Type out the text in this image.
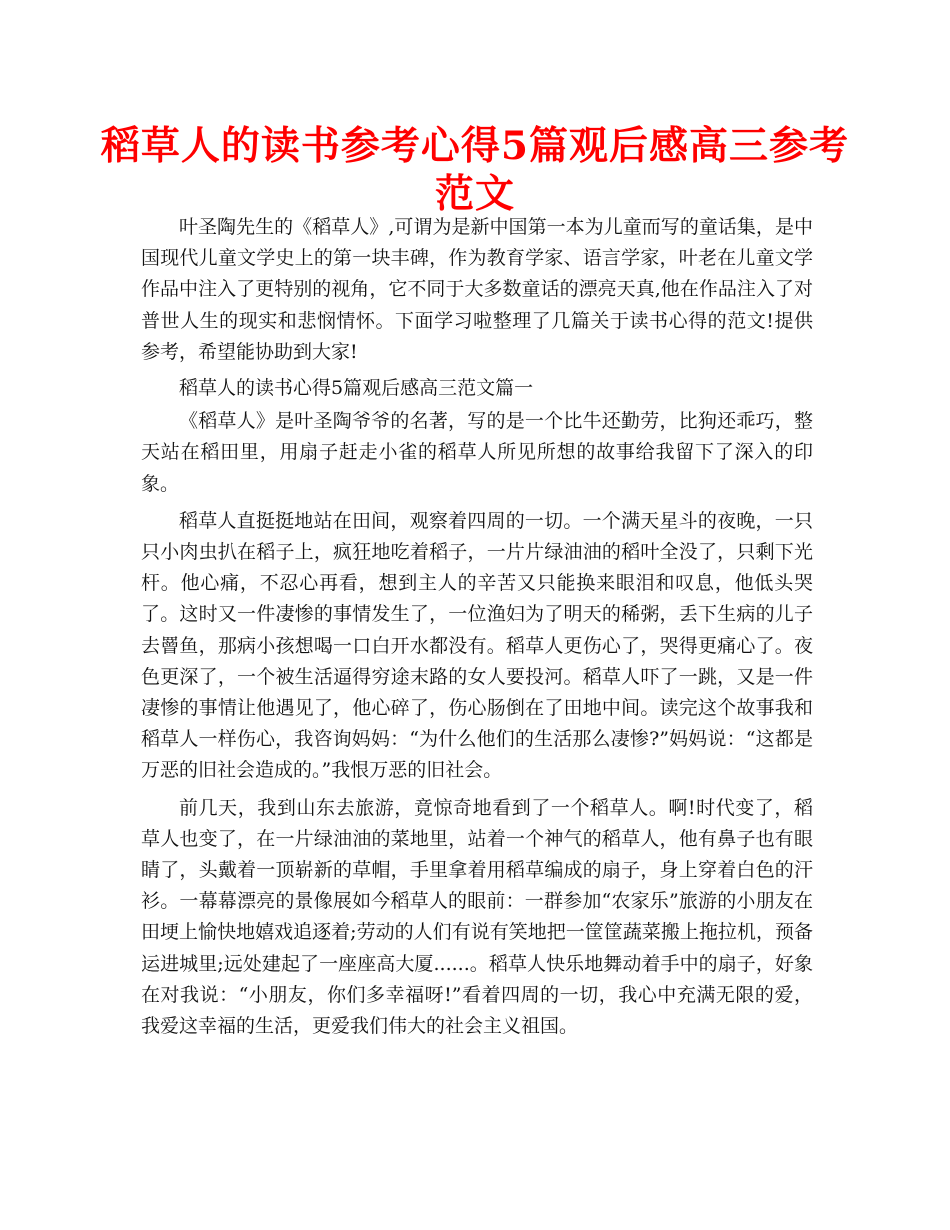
稻草人的读书参考心得5篇观后感高三参考范文

叶圣陶先生的《稻草人》,可谓为是新中国第一本为儿童而写的童话集，是中国现代儿童文学史上的第一块丰碑，作为教育学家、语言学家，叶老在儿童文学作品中注入了更特别的视角，它不同于大多数童话的漂亮天真,他在作品注入了对普世人生的现实和悲悯情怀。下面学习啦整理了几篇关于读书心得的范文!提供参考，希望能协助到大家!

稻草人的读书心得5篇观后感高三范文篇一

《稻草人》是叶圣陶爷爷的名著，写的是一个比牛还勤劳，比狗还乖巧，整天站在稻田里，用扇子赶走小雀的稻草人所见所想的故事给我留下了深入的印象。

稻草人直挺挺地站在田间，观察着四周的一切。一个满天星斗的夜晚，一只只小肉虫扒在稻子上，疯狂地吃着稻子，一片片绿油油的稻叶全没了，只剩下光杆。他心痛，不忍心再看，想到主人的辛苦又只能换来眼泪和叹息，他低头哭了。这时又一件凄惨的事情发生了，一位渔妇为了明天的稀粥，丢下生病的儿子去罾鱼，那病小孩想喝一口白开水都没有。稻草人更伤心了，哭得更痛心了。夜色更深了，一个被生活逼得穷途末路的女人要投河。稻草人吓了一跳，又是一件凄惨的事情让他遇见了，他心碎了，伤心肠倒在了田地中间。读完这个故事我和稻草人一样伤心，我咨询妈妈：“为什么他们的生活那么凄惨?”妈妈说：“这都是万恶的旧社会造成的。”我恨万恶的旧社会。

前几天，我到山东去旅游，竟惊奇地看到了一个稻草人。啊!时代变了，稻草人也变了，在一片绿油油的菜地里，站着一个神气的稻草人，他有鼻子也有眼睛了，头戴着一顶崭新的草帽，手里拿着用稻草编成的扇子，身上穿着白色的汗衫。一幕幕漂亮的景像展如今稻草人的眼前：一群参加“农家乐”旅游的小朋友在田埂上愉快地嬉戏追逐着;劳动的人们有说有笑地把一筐筐蔬菜搬上拖拉机，预备运进城里;远处建起了一座座高大厦......。稻草人快乐地舞动着手中的扇子，好象在对我说：“小朋友，你们多幸福呀!”看着四周的一切，我心中充满无限的爱，我爱这幸福的生活，更爱我们伟大的社会主义祖国。
